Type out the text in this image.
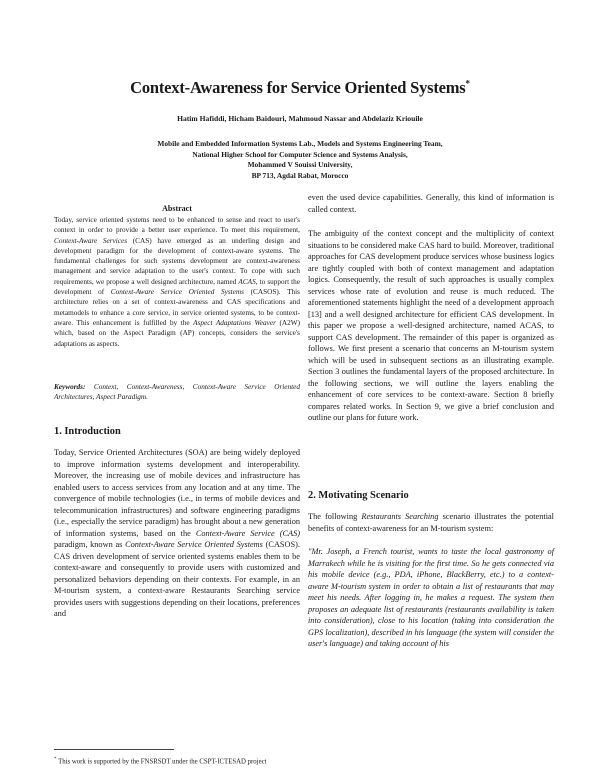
Context-Awareness for Service Oriented Systems*
Hatim Hafiddi, Hicham Baidouri, Mahmoud Nassar and Abdelaziz Kriouile
Mobile and Embedded Information Systems Lab., Models and Systems Engineering Team,
National Higher School for Computer Science and Systems Analysis,
Mohammed V Souissi University,
BP 713, Agdal Rabat, Morocco
Abstract
Today, service oriented systems need to be enhanced to sense and react to user's context in order to provide a better user experience. To meet this requirement, Context-Aware Services (CAS) have emerged as an underling design and development paradigm for the development of context-aware systems. The fundamental challenges for such systems development are context-awareness management and service adaptation to the user's context. To cope with such requirements, we propose a well designed architecture, named ACAS, to support the development of Context-Aware Service Oriented Systems (CASOS). This architecture relies on a set of context-awareness and CAS specifications and metamodels to enhance a core service, in service oriented systems, to be context-aware. This enhancement is fulfilled by the Aspect Adaptations Weaver (A2W) which, based on the Aspect Paradigm (AP) concepts, considers the service's adaptations as aspects.
Keywords: Context, Context-Awareness, Context-Aware Service Oriented Architectures, Aspect Paradigm.
1. Introduction
Today, Service Oriented Architectures (SOA) are being widely deployed to improve information systems development and interoperability. Moreover, the increasing use of mobile devices and infrastructure has enabled users to access services from any location and at any time. The convergence of mobile technologies (i.e., in terms of mobile devices and telecommunication infrastructures) and software engineering paradigms (i.e., especially the service paradigm) has brought about a new generation of information systems, based on the Context-Aware Service (CAS) paradigm, known as Context-Aware Service Oriented Systems (CASOS). CAS driven development of service oriented systems enables them to be context-aware and consequently to provide users with customized and personalized behaviors depending on their contexts. For example, in an M-tourism system, a context-aware Restaurants Searching service provides users with suggestions depending on their locations, preferences and
even the used device capabilities. Generally, this kind of information is called context.
The ambiguity of the context concept and the multiplicity of context situations to be considered make CAS hard to build. Moreover, traditional approaches for CAS development produce services whose business logics are tightly coupled with both of context management and adaptation logics. Consequently, the result of such approaches is usually complex services whose rate of evolution and reuse is much reduced. The aforementioned statements highlight the need of a development approach [13] and a well designed architecture for efficient CAS development. In this paper we propose a well-designed architecture, named ACAS, to support CAS development. The remainder of this paper is organized as follows. We first present a scenario that concerns an M-tourism system which will be used in subsequent sections as an illustrating example. Section 3 outlines the fundamental layers of the proposed architecture. In the following sections, we will outline the layers enabling the enhancement of core services to be context-aware. Section 8 briefly compares related works. In Section 9, we give a brief conclusion and outline our plans for future work.
2. Motivating Scenario
The following Restaurants Searching scenario illustrates the potential benefits of context-awareness for an M-tourism system:
"Mr. Joseph, a French tourist, wants to taste the local gastronomy of Marrakech while he is visiting for the first time. So he gets connected via his mobile device (e.g., PDA, iPhone, BlackBerry, etc.) to a context-aware M-tourism system in order to obtain a list of restaurants that may meet his needs. After logging in, he makes a request. The system then proposes an adequate list of restaurants (restaurants availability is taken into consideration), close to his location (taking into consideration the GPS localization), described in his language (the system will consider the user's language) and taking account of his
* This work is supported by the FNSRSDT under the CSPT-ICTESAD project
